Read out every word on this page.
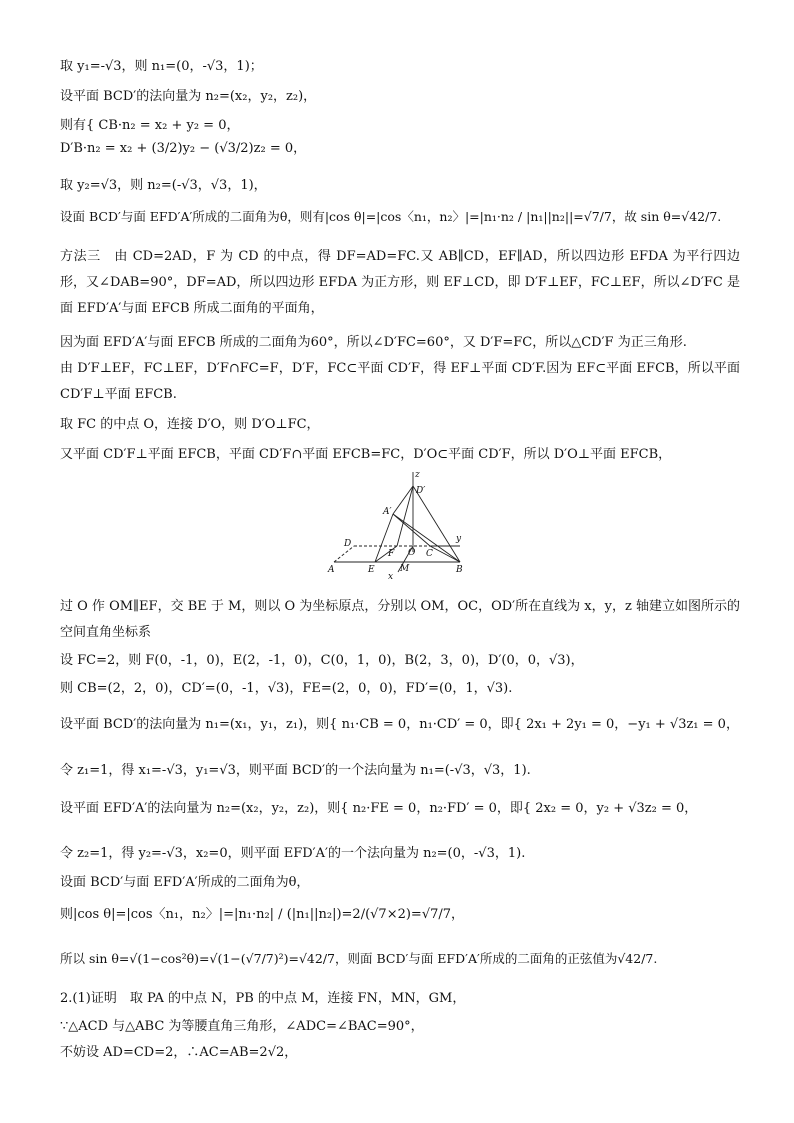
取 y₁=-√3，则 n₁=(0，-√3，1)；
设平面 BCD′的法向量为 n₂=(x₂，y₂，z₂)，
则有{ CB·n₂ = x₂ + y₂ = 0，
D′B·n₂ = x₂ + (3/2)y₂ − (√3/2)z₂ = 0，
取 y₂=√3，则 n₂=(-√3，√3，1)，
设面 BCD′与面 EFD′A′所成的二面角为θ，则有|cos θ|=|cos〈n₁，n₂〉|=|n₁·n₂ / |n₁||n₂||=√7/7，故 sin θ=√42/7.
方法三　由 CD=2AD，F 为 CD 的中点，得 DF=AD=FC.又 AB∥CD，EF∥AD，所以四边形 EFDA 为平行四边形，又∠DAB=90°，DF=AD，所以四边形 EFDA 为正方形，则 EF⊥CD，即 D′F⊥EF，FC⊥EF，所以∠D′FC 是面 EFD′A′与面 EFCB 所成二面角的平面角，
因为面 EFD′A′与面 EFCB 所成的二面角为60°，所以∠D′FC=60°，又 D′F=FC，所以△CD′F 为正三角形.
由 D′F⊥EF，FC⊥EF，D′F∩FC=F，D′F，FC⊂平面 CD′F，得 EF⊥平面 CD′F.因为 EF⊂平面 EFCB，所以平面 CD′F⊥平面 EFCB.
取 FC 的中点 O，连接 D′O，则 D′O⊥FC，
又平面 CD′F⊥平面 EFCB，平面 CD′F∩平面 EFCB=FC，D′O⊂平面 CD′F，所以 D′O⊥平面 EFCB，
z
D′
A′
y
D
F O C
A	E	M
x
B
过 O 作 OM∥EF，交 BE 于 M，则以 O 为坐标原点，分别以 OM，OC，OD′所在直线为 x，y，z 轴建立如图所示的空间直角坐标系
设 FC=2，则 F(0，-1，0)，E(2，-1，0)，C(0，1，0)，B(2，3，0)，D′(0，0，√3)，
则 CB=(2，2，0)，CD′=(0，-1，√3)，FE=(2，0，0)，FD′=(0，1，√3).
设平面 BCD′的法向量为 n₁=(x₁，y₁，z₁)，则{ n₁·CB = 0，n₁·CD′ = 0，即{ 2x₁ + 2y₁ = 0，−y₁ + √3z₁ = 0，
令 z₁=1，得 x₁=-√3，y₁=√3，则平面 BCD′的一个法向量为 n₁=(-√3，√3，1).
设平面 EFD′A′的法向量为 n₂=(x₂，y₂，z₂)，则{ n₂·FE = 0，n₂·FD′ = 0，即{ 2x₂ = 0，y₂ + √3z₂ = 0，
令 z₂=1，得 y₂=-√3，x₂=0，则平面 EFD′A′的一个法向量为 n₂=(0，-√3，1).
设面 BCD′与面 EFD′A′所成的二面角为θ，
则|cos θ|=|cos〈n₁，n₂〉|=|n₁·n₂| / (|n₁||n₂|)=2/(√7×2)=√7/7，
所以 sin θ=√(1−cos²θ)=√(1−(√7/7)²)=√42/7，则面 BCD′与面 EFD′A′所成的二面角的正弦值为√42/7.
2.(1)证明　取 PA 的中点 N，PB 的中点 M，连接 FN，MN，GM，
∵△ACD 与△ABC 为等腰直角三角形，∠ADC=∠BAC=90°，
不妨设 AD=CD=2，∴AC=AB=2√2，
